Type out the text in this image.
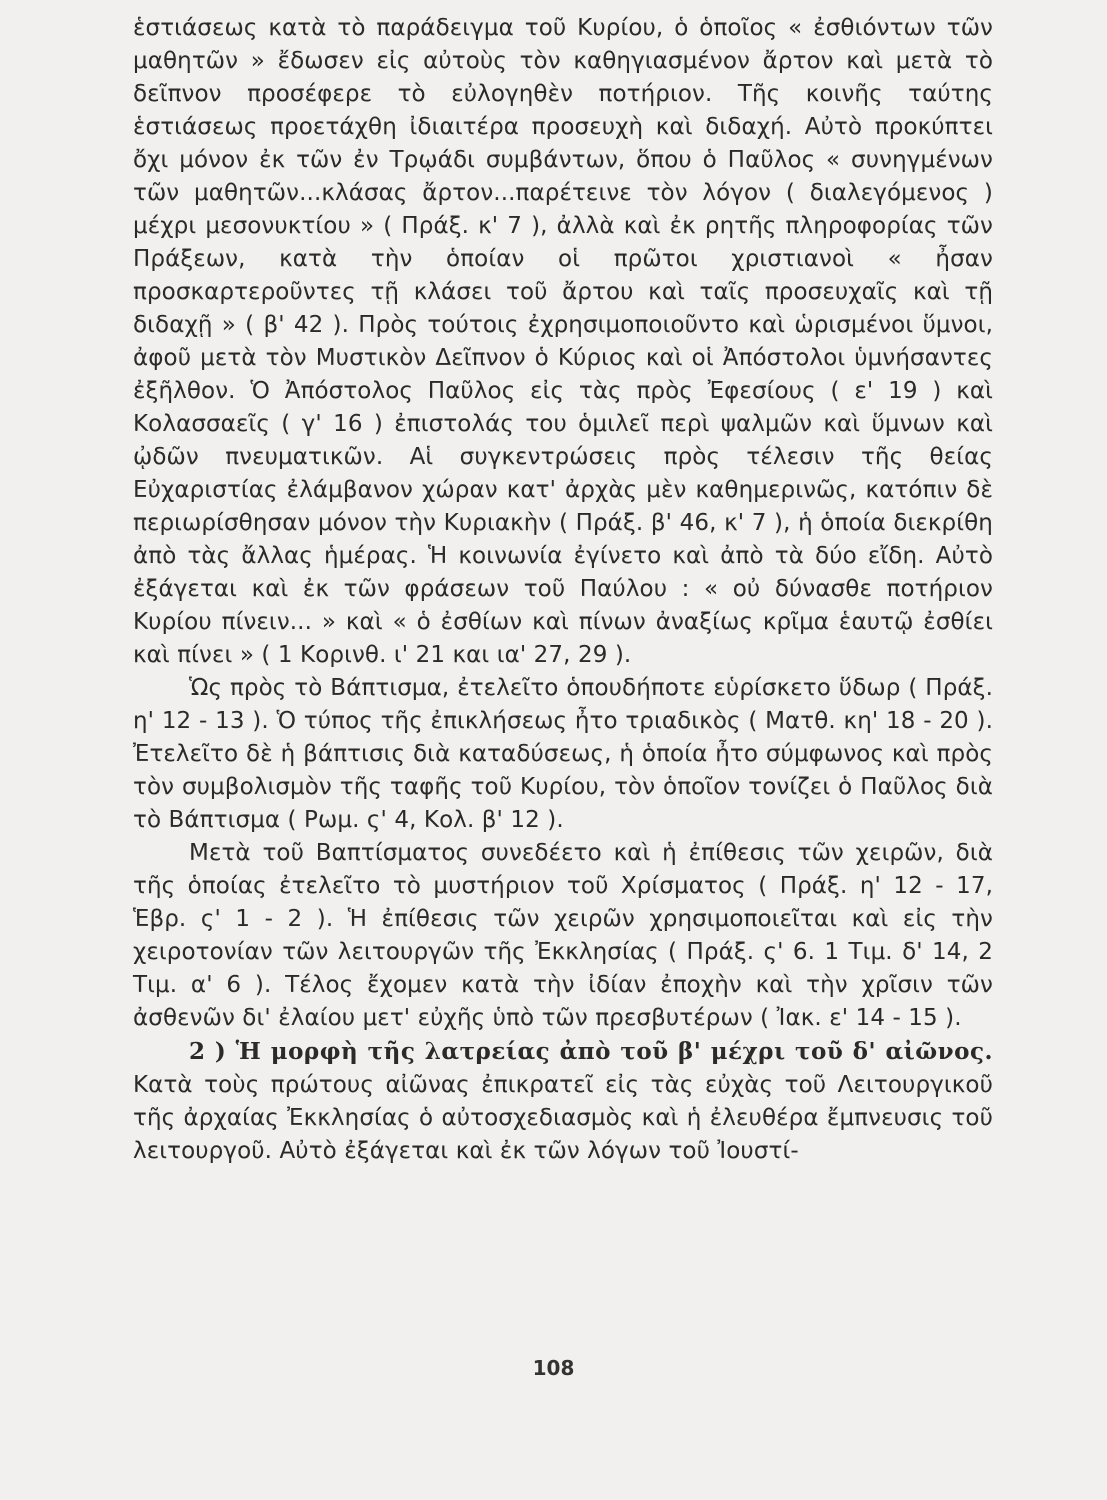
ἑστιάσεως κατὰ τὸ παράδειγμα τοῦ Κυρίου, ὁ ὁποῖος « ἐσθιόντων τῶν μαθητῶν » ἔδωσεν εἰς αὐτοὺς τὸν καθηγιασμένον ἄρτον καὶ μετὰ τὸ δεῖπνον προσέφερε τὸ εὐλογηθὲν ποτήριον. Τῆς κοινῆς ταύτης ἑστιάσεως προετάχθη ἰδιαιτέρα προσευχὴ καὶ διδαχή. Αὐτὸ προκύπτει ὄχι μόνον ἐκ τῶν ἐν Τρῳάδι συμβάντων, ὅπου ὁ Παῦλος « συνηγμένων τῶν μαθητῶν...κλάσας ἄρτον...παρέτεινε τὸν λόγον ( διαλεγόμενος ) μέχρι μεσονυκτίου » ( Πράξ. κ' 7 ), ἀλλὰ καὶ ἐκ ρητῆς πληροφορίας τῶν Πράξεων, κατὰ τὴν ὁποίαν οἱ πρῶτοι χριστιανοὶ « ἦσαν προσκαρτεροῦντες τῇ κλάσει τοῦ ἄρτου καὶ ταῖς προσευχαῖς καὶ τῇ διδαχῇ » ( β' 42 ). Πρὸς τούτοις ἐχρησιμοποιοῦντο καὶ ὡρισμένοι ὕμνοι, ἀφοῦ μετὰ τὸν Μυστικὸν Δεῖπνον ὁ Κύριος καὶ οἱ Ἀπόστολοι ὑμνήσαντες ἐξῆλθον. Ὁ Ἀπόστολος Παῦλος εἰς τὰς πρὸς Ἐφεσίους ( ε' 19 ) καὶ Κολασσαεῖς ( γ' 16 ) ἐπιστολάς του ὁμιλεῖ περὶ ψαλμῶν καὶ ὕμνων καὶ ᾠδῶν πνευματικῶν. Αἱ συγκεντρώσεις πρὸς τέλεσιν τῆς θείας Εὐχαριστίας ἐλάμβανον χώραν κατ' ἀρχὰς μὲν καθημερινῶς, κατόπιν δὲ περιωρίσθησαν μόνον τὴν Κυριακὴν ( Πράξ. β' 46, κ' 7 ), ἡ ὁποία διεκρίθη ἀπὸ τὰς ἄλλας ἡμέρας. Ἡ κοινωνία ἐγίνετο καὶ ἀπὸ τὰ δύο εἴδη. Αὐτὸ ἐξάγεται καὶ ἐκ τῶν φράσεων τοῦ Παύλου : « οὐ δύνασθε ποτήριον Κυρίου πίνειν... » καὶ « ὁ ἐσθίων καὶ πίνων ἀναξίως κρῖμα ἑαυτῷ ἐσθίει καὶ πίνει » ( 1 Κορινθ. ι' 21 και ια' 27, 29 ).

Ὡς πρὸς τὸ Βάπτισμα, ἐτελεῖτο ὁπουδήποτε εὑρίσκετο ὕδωρ ( Πράξ. η' 12 - 13 ). Ὁ τύπος τῆς ἐπικλήσεως ἦτο τριαδικὸς ( Ματθ. κη' 18 - 20 ). Ἐτελεῖτο δὲ ἡ βάπτισις διὰ καταδύσεως, ἡ ὁποία ἦτο σύμφωνος καὶ πρὸς τὸν συμβολισμὸν τῆς ταφῆς τοῦ Κυρίου, τὸν ὁποῖον τονίζει ὁ Παῦλος διὰ τὸ Βάπτισμα ( Ρωμ. ς' 4, Κολ. β' 12 ).

Μετὰ τοῦ Βαπτίσματος συνεδέετο καὶ ἡ ἐπίθεσις τῶν χειρῶν, διὰ τῆς ὁποίας ἐτελεῖτο τὸ μυστήριον τοῦ Χρίσματος ( Πράξ. η' 12 - 17, Ἑβρ. ς' 1 - 2 ). Ἡ ἐπίθεσις τῶν χειρῶν χρησιμοποιεῖται καὶ εἰς τὴν χειροτονίαν τῶν λειτουργῶν τῆς Ἐκκλησίας ( Πράξ. ς' 6. 1 Τιμ. δ' 14, 2 Τιμ. α' 6 ). Τέλος ἔχομεν κατὰ τὴν ἰδίαν ἐποχὴν καὶ τὴν χρῖσιν τῶν ἀσθενῶν δι' ἐλαίου μετ' εὐχῆς ὑπὸ τῶν πρεσβυτέρων ( Ἰακ. ε' 14 - 15 ).

2 ) Ἡ μορφὴ τῆς λατρείας ἀπὸ τοῦ β' μέχρι τοῦ δ' αἰῶνος. Κατὰ τοὺς πρώτους αἰῶνας ἐπικρατεῖ εἰς τὰς εὐχὰς τοῦ Λειτουργικοῦ τῆς ἀρχαίας Ἐκκλησίας ὁ αὐτοσχεδιασμὸς καὶ ἡ ἐλευθέρα ἔμπνευσις τοῦ λειτουργοῦ. Αὐτὸ ἐξάγεται καὶ ἐκ τῶν λόγων τοῦ Ἰουστί-

108
